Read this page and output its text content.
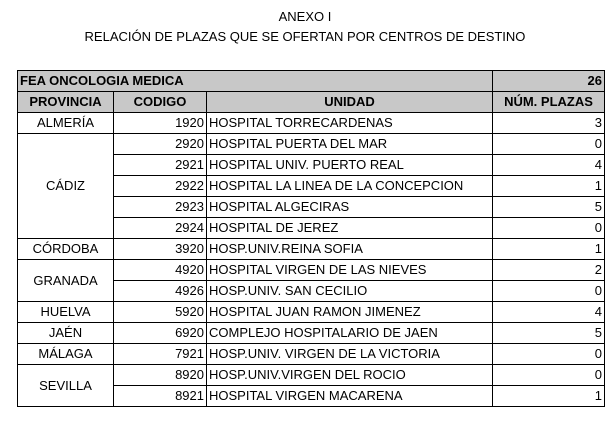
ANEXO I
RELACIÓN DE PLAZAS QUE SE OFERTAN POR CENTROS DE DESTINO
FEA ONCOLOGIA MEDICA			26
PROVINCIA	CODIGO	UNIDAD	NÚM. PLAZAS
ALMERÍA	1920	HOSPITAL TORRECARDENAS	3
CÁDIZ	2920	HOSPITAL PUERTA DEL MAR	0
	2921	HOSPITAL UNIV. PUERTO REAL	4
	2922	HOSPITAL LA LINEA DE LA CONCEPCION	1
	2923	HOSPITAL ALGECIRAS	5
	2924	HOSPITAL DE JEREZ	0
CÓRDOBA	3920	HOSP.UNIV.REINA SOFIA	1
GRANADA	4920	HOSPITAL VIRGEN DE LAS NIEVES	2
	4926	HOSP.UNIV. SAN CECILIO	0
HUELVA	5920	HOSPITAL JUAN RAMON JIMENEZ	4
JAÉN	6920	COMPLEJO HOSPITALARIO DE JAEN	5
MÁLAGA	7921	HOSP.UNIV. VIRGEN DE LA VICTORIA	0
SEVILLA	8920	HOSP.UNIV.VIRGEN DEL ROCIO	0
	8921	HOSPITAL VIRGEN MACARENA	1
